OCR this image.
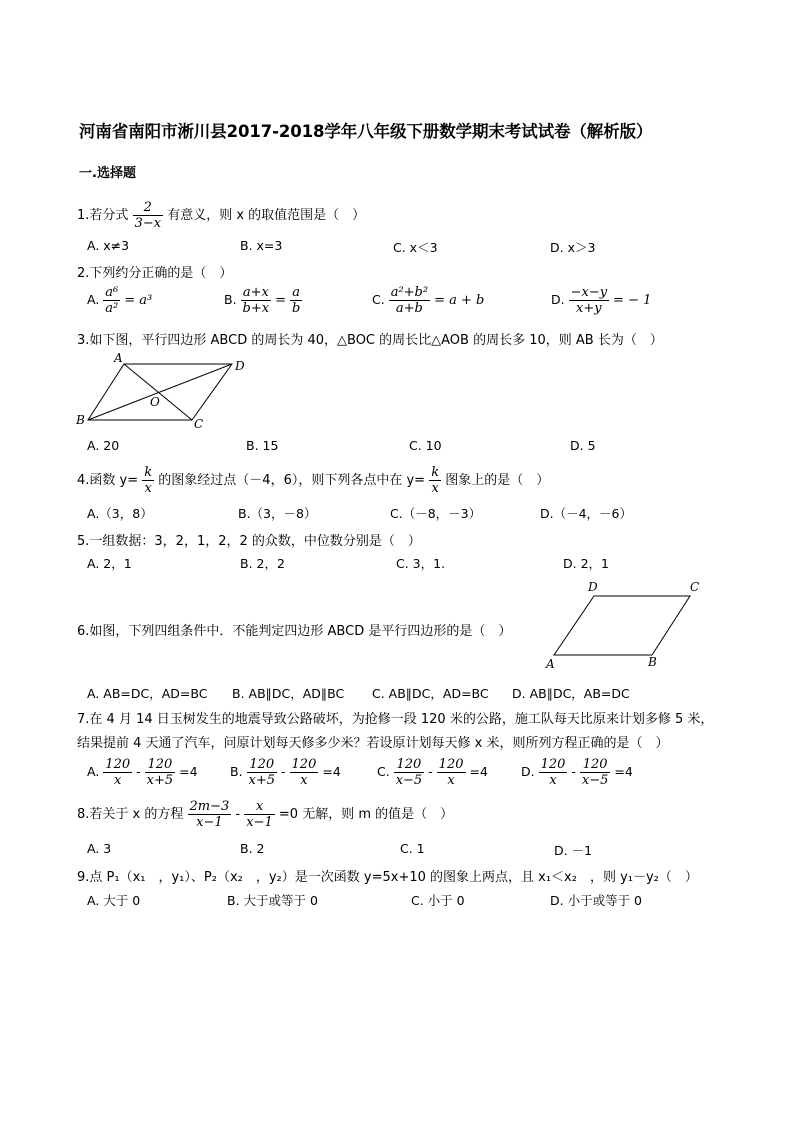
河南省南阳市淅川县2017-2018学年八年级下册数学期末考试试卷（解析版）
一.选择题
1.若分式 $\frac{2}{3-x}$ 有意义，则 x 的取值范围是（　）
A. x≠3	B. x=3	C. x＜3	D. x＞3
2.下列约分正确的是（　）
A. $\frac{\text{a⁶}}{\text{a²}} = a^3$	B. $\frac{a+x}{b+x} = \frac{a}{b}$	C. $\frac{\text{a²+b²}}{a+b} = a + b$	D. $\frac{-x-y}{x+y}$ = − 1
3.如下图，平行四边形 ABCD 的周长为 40，△BOC 的周长比△AOB 的周长多 10，则 AB 长为（　）
A
D
B	C
O
A. 20	B. 15	C. 10	D. 5
4.函数 $y= \frac{k}{x}$ 的图象经过点（－4，6），则下列各点中在 $y= \frac{k}{x}$ 图象上的是（　）
A.（3，8）	B.（3，－8）	C.（－8，－3）	D.（－4，－6）
5.一组数据：3，2，1，2，2 的众数，中位数分别是（　）
A. 2，1	B. 2，2	C. 3，1.	D. 2，1
6.如图，下列四组条件中．不能判定四边形 ABCD 是平行四边形的是（　）
D	C
A	B
A. AB=DC，AD=BC B. AB∥DC，AD∥BC C. AB∥DC，AD=BC D. AB∥DC，AB=DC
7.在 4 月 14 日玉树发生的地震导致公路破坏，为抢修一段 120 米的公路，施工队每天比原来计划多修 5 米，
结果提前 4 天通了汽车，问原计划每天修多少米？若设原计划每天修 x 米，则所列方程正确的是（　）
A. $\frac{120}{x} - \frac{120}{x+5} =4$	B. $\frac{120}{x+5} - \frac{120}{x} =4$	C. $\frac{120}{x-5} - \frac{120}{x} =4$	D. $\frac{120}{x} - \frac{120}{x-5} =4$
8.若关于 x 的方程 $\frac{2m-3}{x-1} - \frac{x}{x-1} =0$ 无解，则 m 的值是（　）
A. 3	B. 2	C. 1	D. －1
9.点 P₁（x₁　，y₁）、P₂（x₂　，y₂）是一次函数 y=5x+10 的图象上两点，且 x₁＜x₂　，则 y₁－y₂（　）
A. 大于 0	B. 大于或等于 0	C. 小于 0	D. 小于或等于 0
